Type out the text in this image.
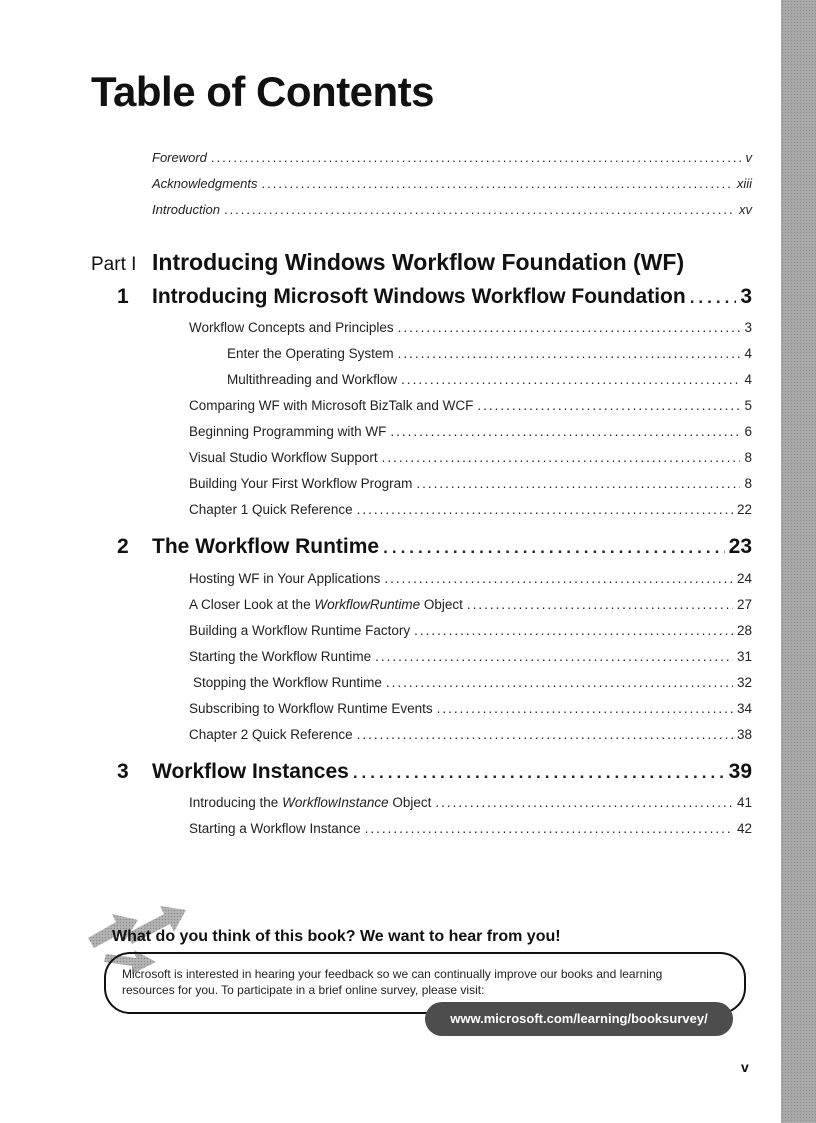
Table of Contents
Foreword .....	v
Acknowledgments .....	xiii
Introduction .....	xv
Part I Introducing Windows Workflow Foundation (WF)
1 Introducing Microsoft Windows Workflow Foundation .....	3
Workflow Concepts and Principles .....	3
Enter the Operating System .....	4
Multithreading and Workflow .....	4
Comparing WF with Microsoft BizTalk and WCF .....	5
Beginning Programming with WF .....	6
Visual Studio Workflow Support .....	8
Building Your First Workflow Program .....	8
Chapter 1 Quick Reference .....	22
2 The Workflow Runtime .....	23
Hosting WF in Your Applications .....	24
A Closer Look at the WorkflowRuntime Object .....	27
Building a Workflow Runtime Factory .....	28
Starting the Workflow Runtime .....	31
Stopping the Workflow Runtime .....	32
Subscribing to Workflow Runtime Events .....	34
Chapter 2 Quick Reference .....	38
3 Workflow Instances .....	39
Introducing the WorkflowInstance Object .....	41
Starting a Workflow Instance .....	42
What do you think of this book? We want to hear from you!
Microsoft is interested in hearing your feedback so we can continually improve our books and learning
resources for you. To participate in a brief online survey, please visit:
www.microsoft.com/learning/booksurvey/
v
